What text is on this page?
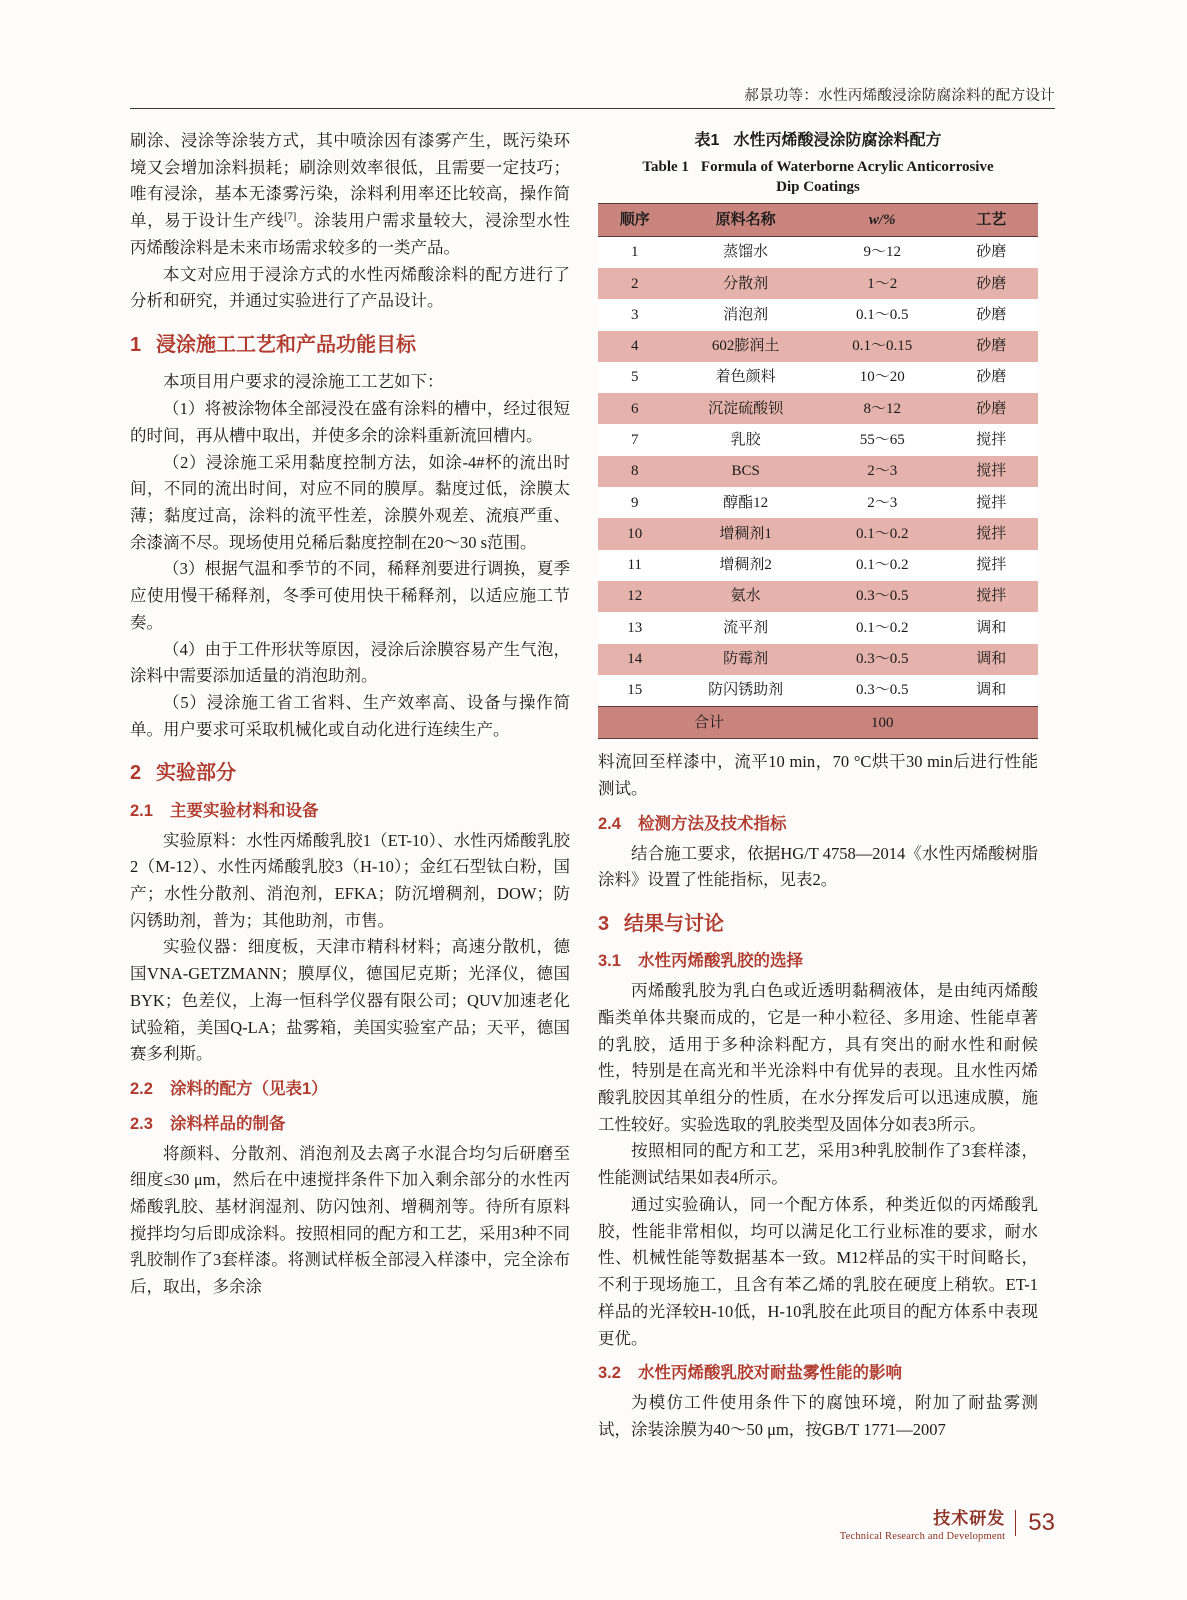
郝景功等：水性丙烯酸浸涂防腐涂料的配方设计

刷涂、浸涂等涂装方式，其中喷涂因有漆雾产生，既污染环境又会增加涂料损耗；刷涂则效率很低，且需要一定技巧；唯有浸涂，基本无漆雾污染，涂料利用率还比较高，操作简单，易于设计生产线[7]。涂装用户需求量较大，浸涂型水性丙烯酸涂料是未来市场需求较多的一类产品。

本文对应用于浸涂方式的水性丙烯酸涂料的配方进行了分析和研究，并通过实验进行了产品设计。

1 浸涂施工工艺和产品功能目标

本项目用户要求的浸涂施工工艺如下：

（1）将被涂物体全部浸没在盛有涂料的槽中，经过很短的时间，再从槽中取出，并使多余的涂料重新流回槽内。

（2）浸涂施工采用黏度控制方法，如涂-4#杯的流出时间，不同的流出时间，对应不同的膜厚。黏度过低，涂膜太薄；黏度过高，涂料的流平性差，涂膜外观差、流痕严重、余漆滴不尽。现场使用兑稀后黏度控制在20～30 s范围。

（3）根据气温和季节的不同，稀释剂要进行调换，夏季应使用慢干稀释剂，冬季可使用快干稀释剂，以适应施工节奏。

（4）由于工件形状等原因，浸涂后涂膜容易产生气泡，涂料中需要添加适量的消泡助剂。

（5）浸涂施工省工省料、生产效率高、设备与操作简单。用户要求可采取机械化或自动化进行连续生产。

2 实验部分
2.1 主要实验材料和设备

实验原料：水性丙烯酸乳胶1（ET-10）、水性丙烯酸乳胶2（M-12）、水性丙烯酸乳胶3（H-10）；金红石型钛白粉，国产；水性分散剂、消泡剂，EFKA；防沉增稠剂，DOW；防闪锈助剂，普为；其他助剂，市售。

实验仪器：细度板，天津市精科材料；高速分散机，德国VNA-GETZMANN；膜厚仪，德国尼克斯；光泽仪，德国BYK；色差仪，上海一恒科学仪器有限公司；QUV加速老化试验箱，美国Q-LA；盐雾箱，美国实验室产品；天平，德国赛多利斯。

2.2 涂料的配方（见表1）
2.3 涂料样品的制备

将颜料、分散剂、消泡剂及去离子水混合均匀后研磨至细度≤30 μm，然后在中速搅拌条件下加入剩余部分的水性丙烯酸乳胶、基材润湿剂、防闪蚀剂、增稠剂等。待所有原料搅拌均匀后即成涂料。按照相同的配方和工艺，采用3种不同乳胶制作了3套样漆。将测试样板全部浸入样漆中，完全涂布后，取出，多余涂

表1 水性丙烯酸浸涂防腐涂料配方
Table 1 Formula of Waterborne Acrylic Anticorrosive
Dip Coatings
顺序	原料名称	w/%	工艺
1	蒸馏水	9～12	砂磨
2	分散剂	1～2	砂磨
3	消泡剂	0.1～0.5	砂磨
4	602膨润土	0.1～0.15	砂磨
5	着色颜料	10～20	砂磨
6	沉淀硫酸钡	8～12	砂磨
7	乳胶	55～65	搅拌
8	BCS	2～3	搅拌
9	醇酯12	2～3	搅拌
10	增稠剂1	0.1～0.2	搅拌
11	增稠剂2	0.1～0.2	搅拌
12	氨水	0.3～0.5	搅拌
13	流平剂	0.1～0.2	调和
14	防霉剂	0.3～0.5	调和
15	防闪锈助剂	0.3～0.5	调和
合计		100	

料流回至样漆中，流平10 min，70 °C烘干30 min后进行性能测试。

2.4 检测方法及技术指标

结合施工要求，依据HG/T 4758—2014《水性丙烯酸树脂涂料》设置了性能指标，见表2。

3 结果与讨论
3.1 水性丙烯酸乳胶的选择

丙烯酸乳胶为乳白色或近透明黏稠液体，是由纯丙烯酸酯类单体共聚而成的，它是一种小粒径、多用途、性能卓著的乳胶，适用于多种涂料配方，具有突出的耐水性和耐候性，特别是在高光和半光涂料中有优异的表现。且水性丙烯酸乳胶因其单组分的性质，在水分挥发后可以迅速成膜，施工性较好。实验选取的乳胶类型及固体分如表3所示。

按照相同的配方和工艺，采用3种乳胶制作了3套样漆，性能测试结果如表4所示。

通过实验确认，同一个配方体系，种类近似的丙烯酸乳胶，性能非常相似，均可以满足化工行业标准的要求，耐水性、机械性能等数据基本一致。M12样品的实干时间略长，不利于现场施工，且含有苯乙烯的乳胶在硬度上稍软。ET-1样品的光泽较H-10低，H-10乳胶在此项目的配方体系中表现更优。

3.2 水性丙烯酸乳胶对耐盐雾性能的影响

为模仿工件使用条件下的腐蚀环境，附加了耐盐雾测试，涂装涂膜为40～50 μm，按GB/T 1771—2007

技术研发
Technical Research and Development
53
